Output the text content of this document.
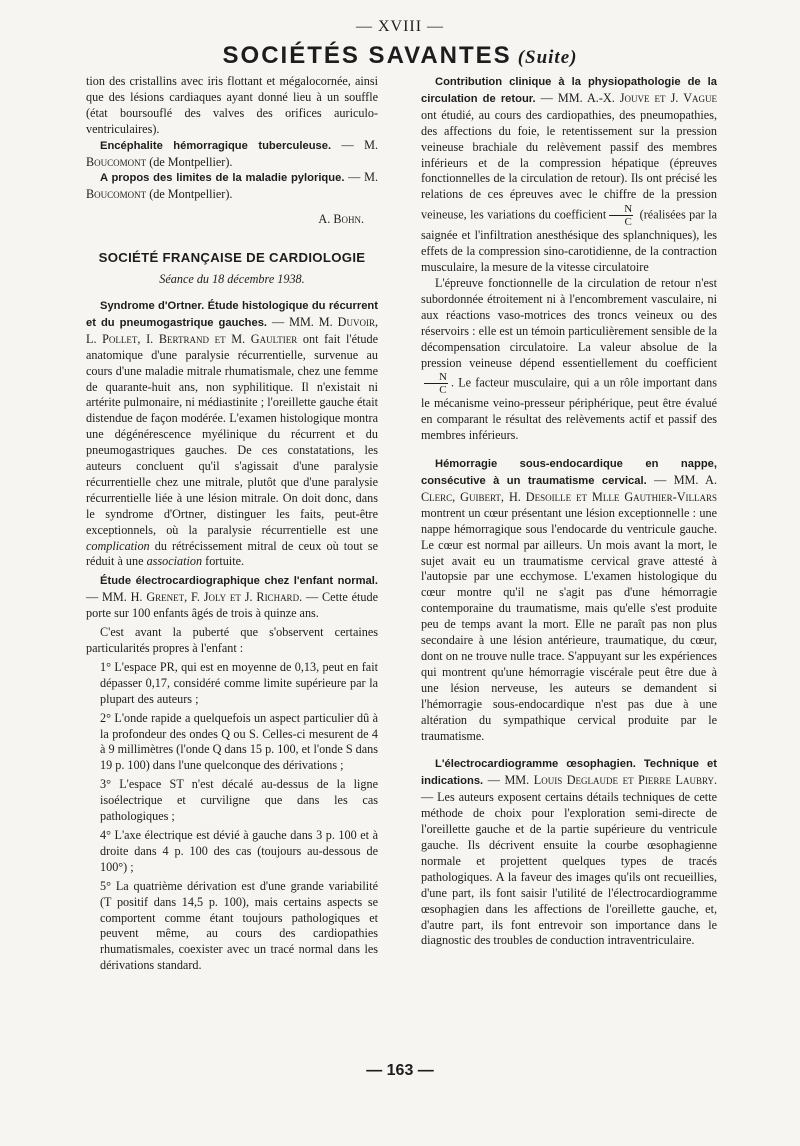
— XVIII —
SOCIÉTÉS SAVANTES (Suite)

tion des cristallins avec iris flottant et mégalocornée, ainsi que des lésions cardiaques ayant donné lieu à un souffle (état boursouflé des valves des orifices auriculo-ventriculaires).

Encéphalite hémorragique tuberculeuse. — M. Boucomont (de Montpellier).

A propos des limites de la maladie pylorique. — M. Boucomont (de Montpellier).

A. Bohn.

SOCIÉTÉ FRANÇAISE DE CARDIOLOGIE

Séance du 18 décembre 1938.

Syndrome d'Ortner. Étude histologique du récurrent et du pneumogastrique gauches. — MM. M. Duvoir, L. Pollet, I. Bertrand et M. Gaultier ont fait l'étude anatomique d'une paralysie récurrentielle, survenue au cours d'une maladie mitrale rhumatismale, chez une femme de quarante-huit ans, non syphilitique. Il n'existait ni artérite pulmonaire, ni médiastinite ; l'oreillette gauche était distendue de façon modérée. L'examen histologique montra une dégénérescence myélinique du récurrent et du pneumogastriques gauches. De ces constatations, les auteurs concluent qu'il s'agissait d'une paralysie récurrentielle chez une mitrale, plutôt que d'une paralysie récurrentielle liée à une lésion mitrale. On doit donc, dans le syndrome d'Ortner, distinguer les faits, peut-être exceptionnels, où la paralysie récurrentielle est une complication du rétrécissement mitral de ceux où tout se réduit à une association fortuite.

Étude électrocardiographique chez l'enfant normal. — MM. H. Grenet, F. Joly et J. Richard. — Cette étude porte sur 100 enfants âgés de trois à quinze ans.

C'est avant la puberté que s'observent certaines particularités propres à l'enfant :

1° L'espace PR, qui est en moyenne de 0,13, peut en fait dépasser 0,17, considéré comme limite supérieure par la plupart des auteurs ;

2° L'onde rapide a quelquefois un aspect particulier dû à la profondeur des ondes Q ou S. Celles-ci mesurent de 4 à 9 millimètres (l'onde Q dans 15 p. 100, et l'onde S dans 19 p. 100) dans l'une quelconque des dérivations ;

3° L'espace ST n'est décalé au-dessus de la ligne isoélectrique et curviligne que dans les cas pathologiques ;

4° L'axe électrique est dévié à gauche dans 3 p. 100 et à droite dans 4 p. 100 des cas (toujours au-dessous de 100°) ;

5° La quatrième dérivation est d'une grande variabilité (T positif dans 14,5 p. 100), mais certains aspects se comportent comme étant toujours pathologiques et peuvent même, au cours des cardiopathies rhumatismales, coexister avec un tracé normal dans les dérivations standard.

Contribution clinique à la physiopathologie de la circulation de retour. — MM. A.-X. Jouve et J. Vague ont étudié, au cours des cardiopathies, des pneumopathies, des affections du foie, le retentissement sur la pression veineuse brachiale du relèvement passif des membres inférieurs et de la compression hépatique (épreuves fonctionnelles de la circulation de retour). Ils ont précisé les relations de ces épreuves avec le chiffre de la pression veineuse, les variations du coefficient $\frac{N}{C}$ (réalisées par la saignée et l'infiltration anesthésique des splanchniques), les effets de la compression sino-carotidienne, de la contraction musculaire, la mesure de la vitesse circulatoire

L'épreuve fonctionnelle de la circulation de retour n'est subordonnée étroitement ni à l'encombrement vasculaire, ni aux réactions vaso-motrices des troncs veineux ou des réservoirs : elle est un témoin particulièrement sensible de la décompensation circulatoire. La valeur absolue de la pression veineuse dépend essentiellement du coefficient
$\frac{N}{C}$ . Le facteur musculaire, qui a un rôle important dans le mécanisme veino-presseur périphérique, peut être évalué en comparant le résultat des relèvements actif et passif des membres inférieurs.

Hémorragie sous-endocardique en nappe, consécutive à un traumatisme cervical. — MM. A. Clerc, Guibert, H. Desoille et Mlle Gauthier-Villars montrent un cœur présentant une lésion exceptionnelle : une nappe hémorragique sous l'endocarde du ventricule gauche. Le cœur est normal par ailleurs. Un mois avant la mort, le sujet avait eu un traumatisme cervical grave attesté à l'autopsie par une ecchymose. L'examen histologique du cœur montre qu'il ne s'agit pas d'une hémorragie contemporaine du traumatisme, mais qu'elle s'est produite peu de temps avant la mort. Elle ne paraît pas non plus secondaire à une lésion antérieure, traumatique, du cœur, dont on ne trouve nulle trace. S'appuyant sur les expériences qui montrent qu'une hémorragie viscérale peut être due à une lésion nerveuse, les auteurs se demandent si l'hémorragie sous-endocardique n'est pas due à une altération du sympathique cervical produite par le traumatisme.

L'électrocardiogramme œsophagien. Technique et indications. — MM. Louis Deglaude et Pierre Laubry. — Les auteurs exposent certains détails techniques de cette méthode de choix pour l'exploration semi-directe de l'oreillette gauche et de la partie supérieure du ventricule gauche. Ils décrivent ensuite la courbe œsophagienne normale et projettent quelques types de tracés pathologiques. A la faveur des images qu'ils ont recueillies, d'une part, ils font saisir l'utilité de l'électrocardiogramme œsophagien dans les affections de l'oreillette gauche, et, d'autre part, ils font entrevoir son importance dans le diagnostic des troubles de conduction intraventriculaire.

— 163 —
